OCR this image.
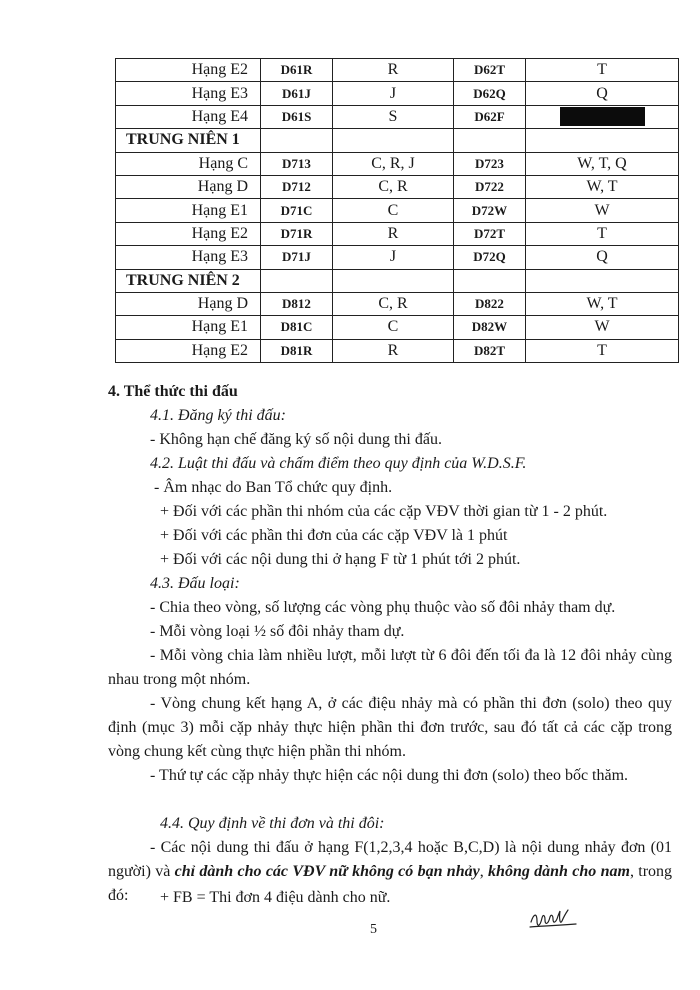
Hạng E2	D61R	R	D62T	T
Hạng E3	D61J	J	D62Q	Q
Hạng E4	D61S	S	D62F	
TRUNG NIÊN 1				
Hạng C	D713	C, R, J	D723	W, T, Q
Hạng D	D712	C, R	D722	W, T
Hạng E1	D71C	C	D72W	W
Hạng E2	D71R	R	D72T	T
Hạng E3	D71J	J	D72Q	Q
TRUNG NIÊN 2				
Hạng D	D812	C, R	D822	W, T
Hạng E1	D81C	C	D82W	W
Hạng E2	D81R	R	D82T	T
4. Thể thức thi đấu
4.1. Đăng ký thi đấu:
- Không hạn chế đăng ký số nội dung thi đấu.
4.2. Luật thi đấu và chấm điểm theo quy định của W.D.S.F.
- Âm nhạc do Ban Tổ chức quy định.
+ Đối với các phần thi nhóm của các cặp VĐV thời gian từ 1 - 2 phút.
+ Đối với các phần thi đơn của các cặp VĐV là 1 phút
+ Đối với các nội dung thi ở hạng F từ 1 phút tới 2 phút.
4.3. Đấu loại:
- Chia theo vòng, số lượng các vòng phụ thuộc vào số đôi nhảy tham dự.
- Mỗi vòng loại ½ số đôi nhảy tham dự.
- Mỗi vòng chia làm nhiều lượt, mỗi lượt từ 6 đôi đến tối đa là 12 đôi nhảy cùng nhau trong một nhóm.
- Vòng chung kết hạng A, ở các điệu nhảy mà có phần thi đơn (solo) theo quy định (mục 3) mỗi cặp nhảy thực hiện phần thi đơn trước, sau đó tất cả các cặp trong vòng chung kết cùng thực hiện phần thi nhóm.
- Thứ tự các cặp nhảy thực hiện các nội dung thi đơn (solo) theo bốc thăm.
4.4. Quy định về thi đơn và thi đôi:
- Các nội dung thi đấu ở hạng F(1,2,3,4 hoặc B,C,D) là nội dung nhảy đơn (01 người) và chỉ dành cho các VĐV nữ không có bạn nhảy, không dành cho nam, trong đó:	+ FB = Thi đơn 4 điệu dành cho nữ.
5
